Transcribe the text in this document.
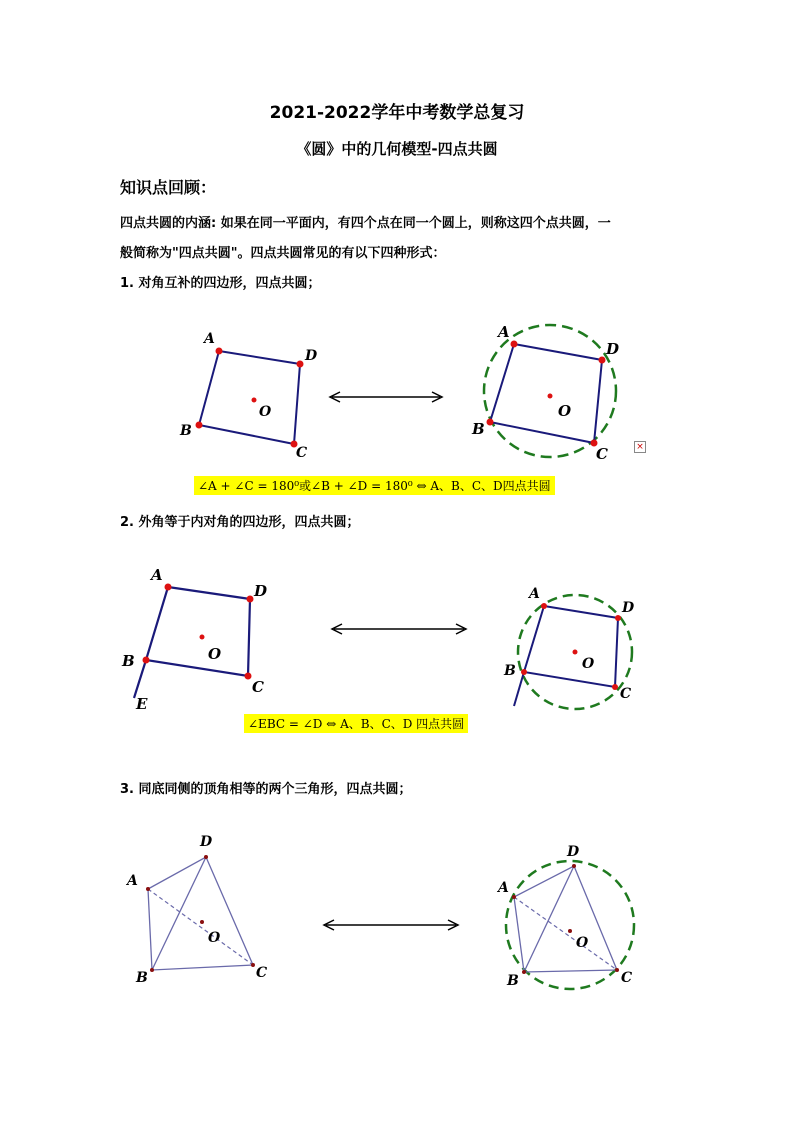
2021-2022学年中考数学总复习
《圆》中的几何模型-四点共圆
知识点回顾：
四点共圆的内涵: 如果在同一平面内，有四个点在同一个圆上，则称这四个点共圆，一
般简称为"四点共圆"。四点共圆常见的有以下四种形式：
1. 对角互补的四边形，四点共圆；
A
D
C
B
O
A
D
C
B
O
×
∠A + ∠C = 180⁰或∠B + ∠D = 180⁰ ⇔ A、B、C、D四点共圆
2. 外角等于内对角的四边形，四点共圆；
A
D
C
B
E
O
A
D
C
B	O
∠EBC = ∠D ⇔ A、B、C、D 四点共圆
3. 同底同侧的顶角相等的两个三角形，四点共圆；
A
D
C
B
O
A
D
C
B
O
